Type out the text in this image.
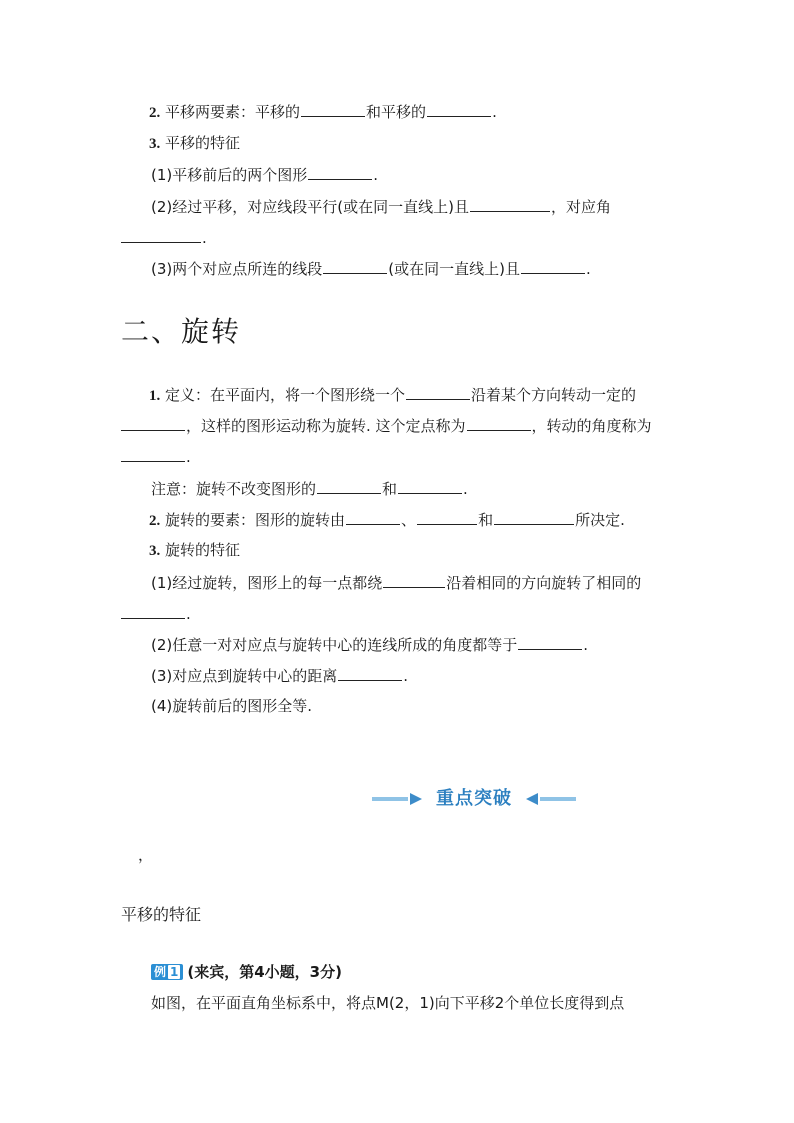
2. 平移两要素：平移的	和平移的	.
3. 平移的特征
(1)平移前后的两个图形	.
(2)经过平移，对应线段平行(或在同一直线上)且	，对应角
.
(3)两个对应点所连的线段	(或在同一直线上)且	.
二、旋转
1. 定义：在平面内，将一个图形绕一个	沿着某个方向转动一定的
，这样的图形运动称为旋转. 这个定点称为	，转动的角度称为
.
注意：旋转不改变图形的	和	.
2. 旋转的要素：图形的旋转由	、	和	所决定.
3. 旋转的特征
(1)经过旋转，图形上的每一点都绕	沿着相同的方向旋转了相同的
.
(2)任意一对对应点与旋转中心的连线所成的角度都等于	.
(3)对应点到旋转中心的距离	.
(4)旋转前后的图形全等.
重点突破
，
平移的特征
例 1 (来宾，第4小题，3分)
如图，在平面直角坐标系中，将点M(2，1)向下平移2个单位长度得到点
